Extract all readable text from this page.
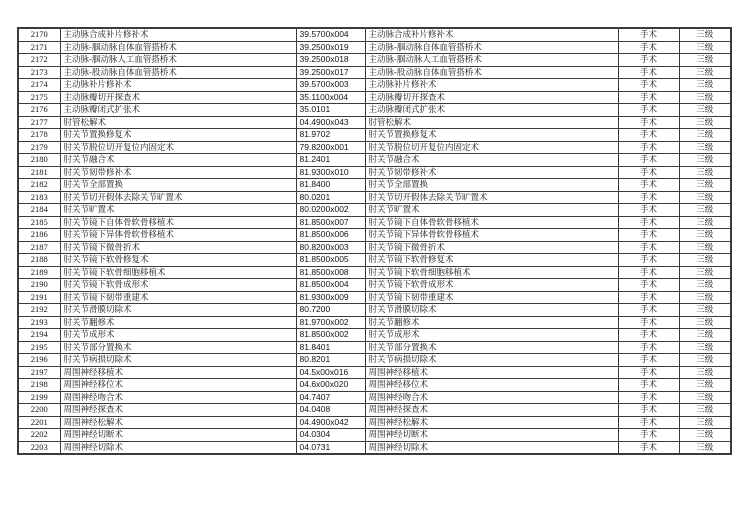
2170	主动脉合成补片修补术	39.5700x004	主动脉合成补片修补术	手术	三级
2171	主动脉-腘动脉自体血管搭桥术	39.2500x019	主动脉-腘动脉自体血管搭桥术	手术	三级
2172	主动脉-腘动脉人工血管搭桥术	39.2500x018	主动脉-腘动脉人工血管搭桥术	手术	三级
2173	主动脉-股动脉自体血管搭桥术	39.2500x017	主动脉-股动脉自体血管搭桥术	手术	三级
2174	主动脉补片修补术	39.5700x003	主动脉补片修补术	手术	三级
2175	主动脉瓣切开探查术	35.1100x004	主动脉瓣切开探查术	手术	三级
2176	主动脉瓣闭式扩张术	35.0101	主动脉瓣闭式扩张术	手术	三级
2177	肘管松解术	04.4900x043	肘管松解术	手术	三级
2178	肘关节置换修复术	81.9702	肘关节置换修复术	手术	三级
2179	肘关节脱位切开复位内固定术	79.8200x001	肘关节脱位切开复位内固定术	手术	三级
2180	肘关节融合术	81.2401	肘关节融合术	手术	三级
2181	肘关节韧带修补术	81.9300x010	肘关节韧带修补术	手术	三级
2182	肘关节全部置换	81.8400	肘关节全部置换	手术	三级
2183	肘关节切开假体去除关节旷置术	80.0201	肘关节切开假体去除关节旷置术	手术	三级
2184	肘关节旷置术	80.0200x002	肘关节旷置术	手术	三级
2185	肘关节镜下自体骨软骨移植术	81.8500x007	肘关节镜下自体骨软骨移植术	手术	三级
2186	肘关节镜下异体骨软骨移植术	81.8500x006	肘关节镜下异体骨软骨移植术	手术	三级
2187	肘关节镜下微骨折术	80.8200x003	肘关节镜下微骨折术	手术	三级
2188	肘关节镜下软骨修复术	81.8500x005	肘关节镜下软骨修复术	手术	三级
2189	肘关节镜下软骨细胞移植术	81.8500x008	肘关节镜下软骨细胞移植术	手术	三级
2190	肘关节镜下软骨成形术	81.8500x004	肘关节镜下软骨成形术	手术	三级
2191	肘关节镜下韧带重建术	81.9300x009	肘关节镜下韧带重建术	手术	三级
2192	肘关节滑膜切除术	80.7200	肘关节滑膜切除术	手术	三级
2193	肘关节翻修术	81.9700x002	肘关节翻修术	手术	三级
2194	肘关节成形术	81.8500x002	肘关节成形术	手术	三级
2195	肘关节部分置换术	81.8401	肘关节部分置换术	手术	三级
2196	肘关节病损切除术	80.8201	肘关节病损切除术	手术	三级
2197	周围神经移植术	04.5x00x016	周围神经移植术	手术	三级
2198	周围神经移位术	04.6x00x020	周围神经移位术	手术	三级
2199	周围神经吻合术	04.7407	周围神经吻合术	手术	三级
2200	周围神经探查术	04.0408	周围神经探查术	手术	三级
2201	周围神经松解术	04.4900x042	周围神经松解术	手术	三级
2202	周围神经切断术	04.0304	周围神经切断术	手术	三级
2203	周围神经切除术	04.0731	周围神经切除术	手术	三级
